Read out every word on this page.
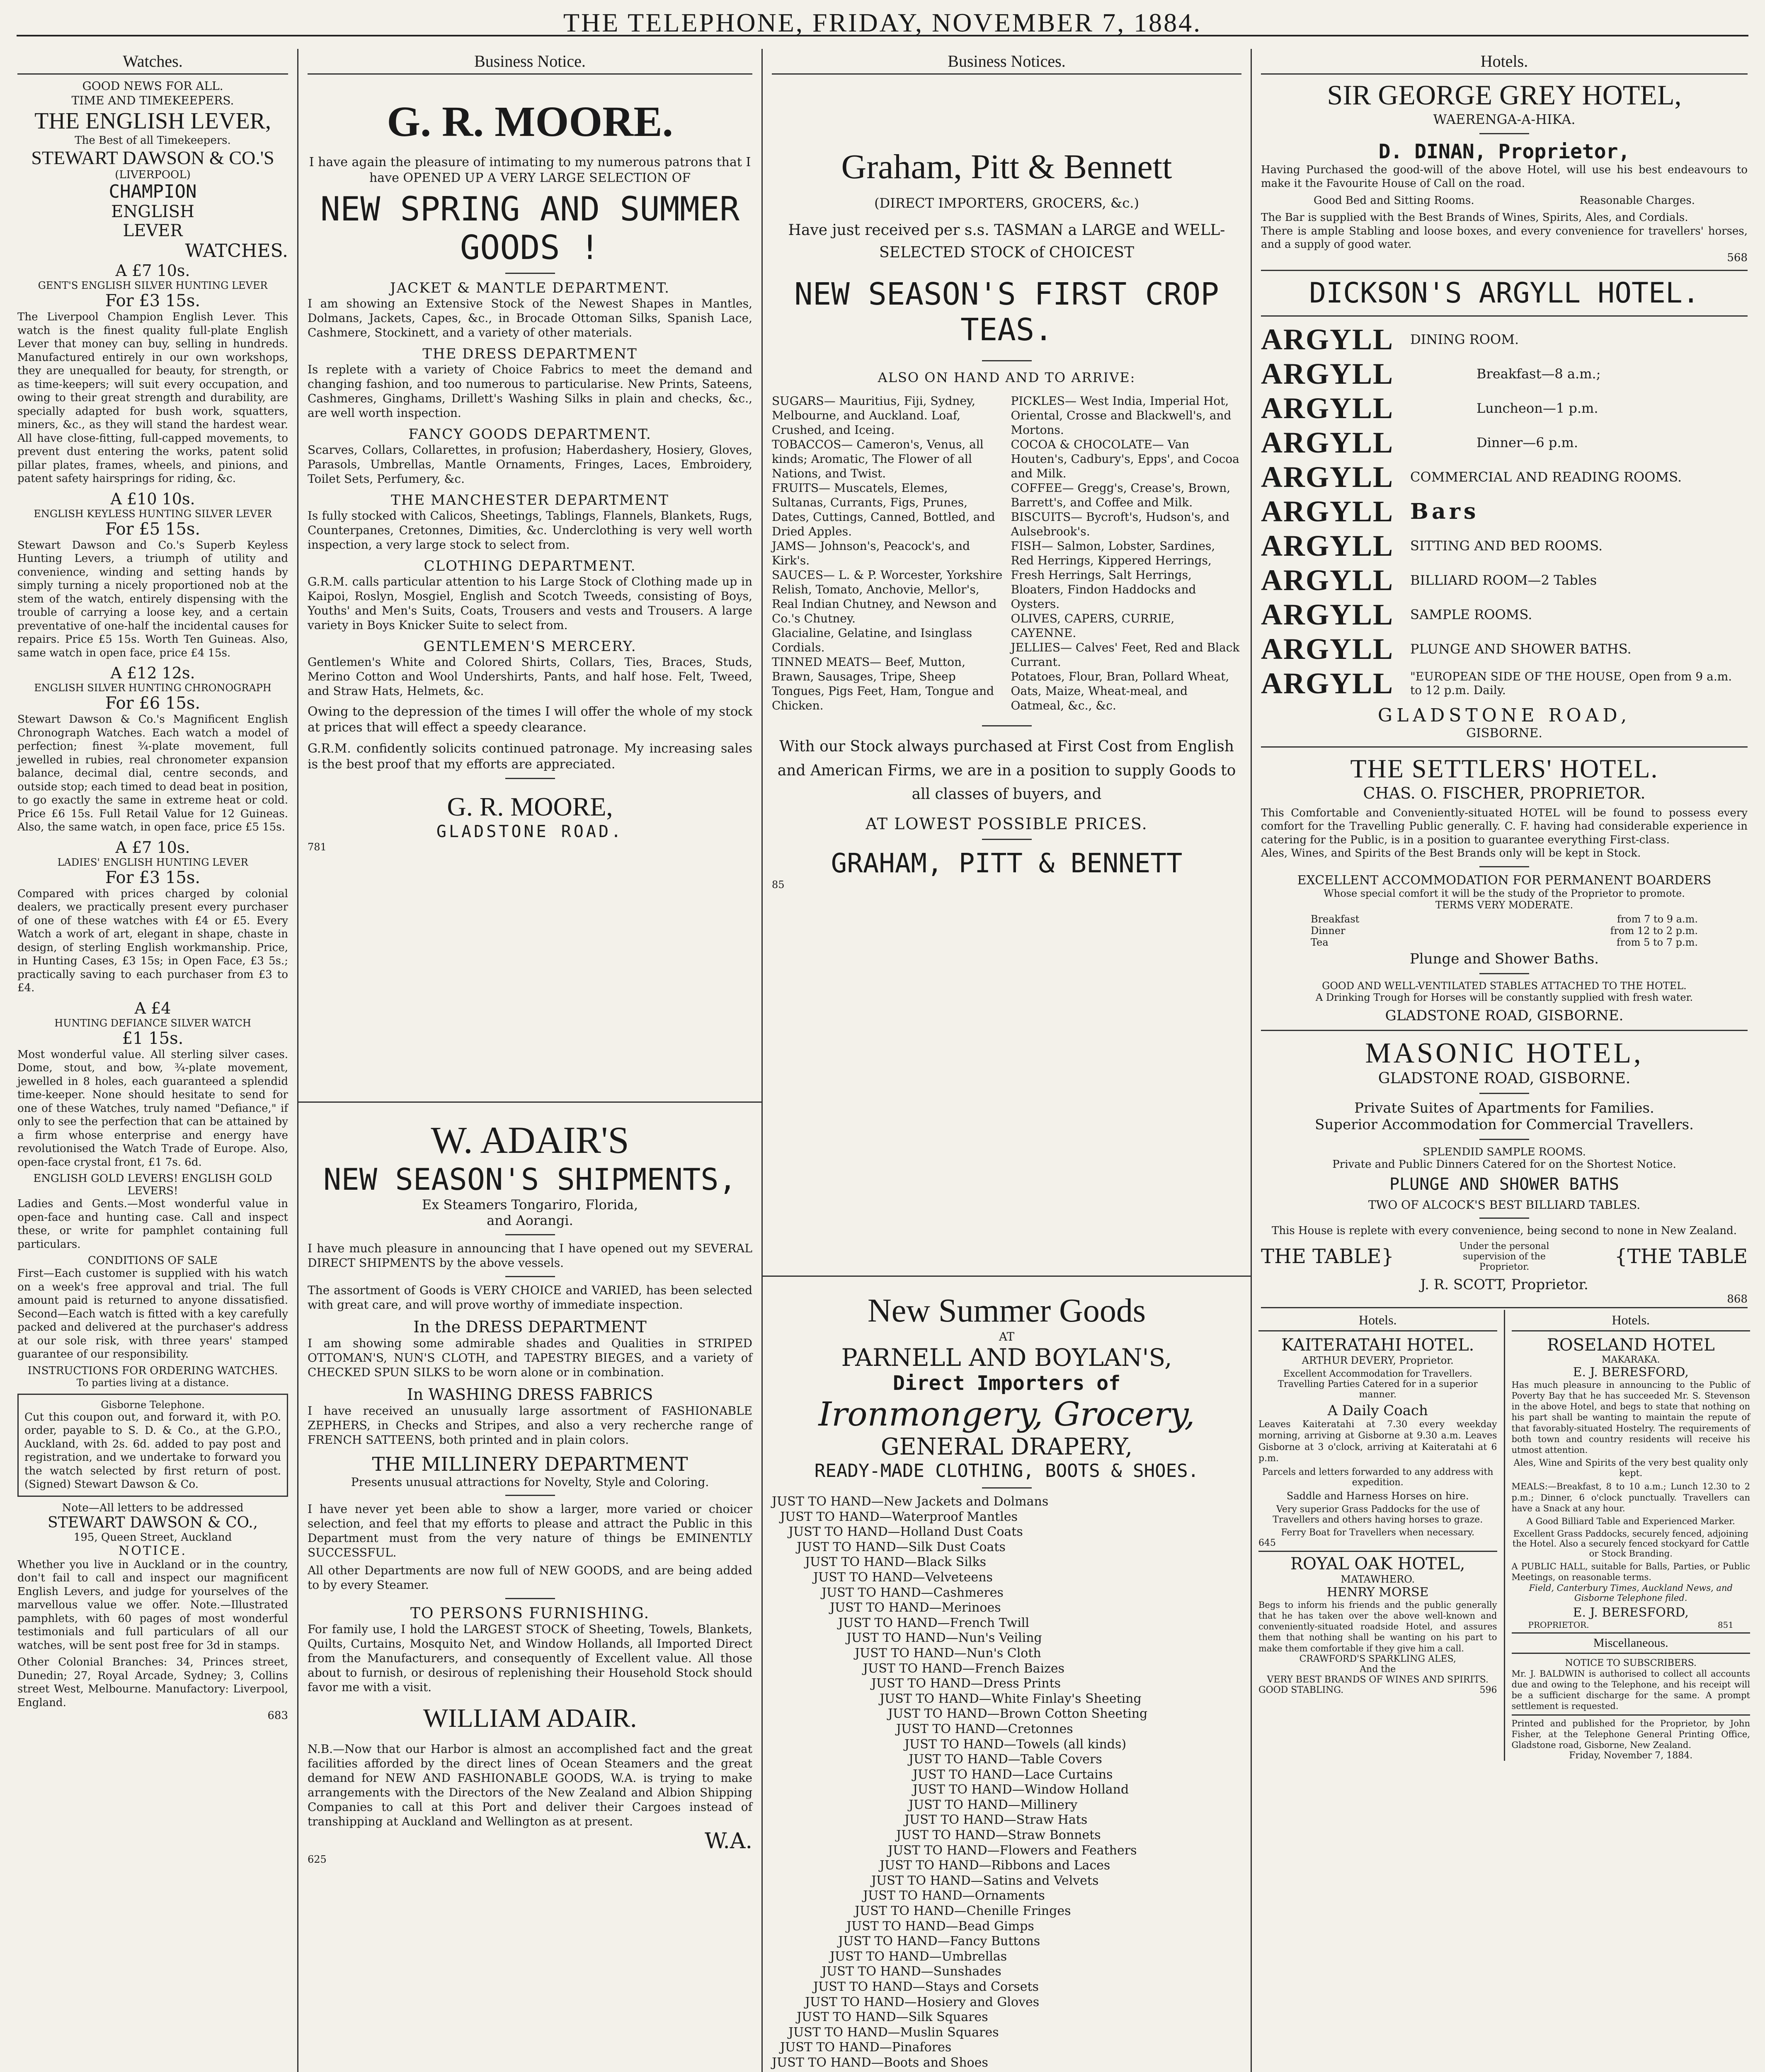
THE TELEPHONE, FRIDAY, NOVEMBER 7, 1884.
Watches.
GOOD NEWS FOR ALL.
TIME AND TIMEKEEPERS.
THE ENGLISH LEVER,
The Best of all Timekeepers.
STEWART DAWSON & CO.'S
(LIVERPOOL)
CHAMPION
ENGLISH
LEVER
WATCHES.
A £7 10s.
GENT'S ENGLISH SILVER HUNTING LEVER
For £3 15s.
The Liverpool Champion English Lever. This watch is the finest quality full-plate English Lever that money can buy, selling in hundreds. Manufactured entirely in our own workshops, they are unequalled for beauty, for strength, or as time-keepers; will suit every occupation, and owing to their great strength and durability, are specially adapted for bush work, squatters, miners, &c., as they will stand the hardest wear. All have close-fitting, full-capped movements, to prevent dust entering the works, patent solid pillar plates, frames, wheels, and pinions, and patent safety hairsprings for riding, &c.
A £10 10s.
ENGLISH KEYLESS HUNTING SILVER LEVER
For £5 15s.
Stewart Dawson and Co.'s Superb Keyless Hunting Levers, a triumph of utility and convenience, winding and setting hands by simply turning a nicely proportioned nob at the stem of the watch, entirely dispensing with the trouble of carrying a loose key, and a certain preventative of one-half the incidental causes for repairs. Price £5 15s. Worth Ten Guineas. Also, same watch in open face, price £4 15s.
A £12 12s.
ENGLISH SILVER HUNTING CHRONOGRAPH
For £6 15s.
Stewart Dawson & Co.'s Magnificent English Chronograph Watches. Each watch a model of perfection; finest ¾-plate movement, full jewelled in rubies, real chronometer expansion balance, decimal dial, centre seconds, and outside stop; each timed to dead beat in position, to go exactly the same in extreme heat or cold. Price £6 15s. Full Retail Value for 12 Guineas. Also, the same watch, in open face, price £5 15s.
A £7 10s.
LADIES' ENGLISH HUNTING LEVER
For £3 15s.
Compared with prices charged by colonial dealers, we practically present every purchaser of one of these watches with £4 or £5. Every Watch a work of art, elegant in shape, chaste in design, of sterling English workmanship. Price, in Hunting Cases, £3 15s; in Open Face, £3 5s.; practically saving to each purchaser from £3 to £4.
A £4
HUNTING DEFIANCE SILVER WATCH
£1 15s.
Most wonderful value. All sterling silver cases. Dome, stout, and bow, ¾-plate movement, jewelled in 8 holes, each guaranteed a splendid time-keeper. None should hesitate to send for one of these Watches, truly named "Defiance," if only to see the perfection that can be attained by a firm whose enterprise and energy have revolutionised the Watch Trade of Europe. Also, open-face crystal front, £1 7s. 6d.
ENGLISH GOLD LEVERS! ENGLISH GOLD LEVERS!
Ladies and Gents.—Most wonderful value in open-face and hunting case. Call and inspect these, or write for pamphlet containing full particulars.
CONDITIONS OF SALE
First—Each customer is supplied with his watch on a week's free approval and trial. The full amount paid is returned to anyone dissatisfied. Second—Each watch is fitted with a key carefully packed and delivered at the purchaser's address at our sole risk, with three years' stamped guarantee of our responsibility.
INSTRUCTIONS FOR ORDERING WATCHES.
To parties living at a distance.
Gisborne Telephone.
Cut this coupon out, and forward it, with P.O. order, payable to S. D. & Co., at the G.P.O., Auckland, with 2s. 6d. added to pay post and registration, and we undertake to forward you the watch selected by first return of post. (Signed) Stewart Dawson & Co.
Note—All letters to be addressed
STEWART DAWSON & CO.,
195, Queen Street, Auckland
NOTICE.
Whether you live in Auckland or in the country, don't fail to call and inspect our magnificent English Levers, and judge for yourselves of the marvellous value we offer. Note.—Illustrated pamphlets, with 60 pages of most wonderful testimonials and full particulars of all our watches, will be sent post free for 3d in stamps.
Other Colonial Branches: 34, Princes street, Dunedin; 27, Royal Arcade, Sydney; 3, Collins street West, Melbourne. Manufactory: Liverpool, England.
683
Business Notice.
G. R. MOORE.
I have again the pleasure of intimating to my numerous patrons that I have OPENED UP A VERY LARGE SELECTION OF
NEW SPRING AND SUMMER GOODS !
JACKET & MANTLE DEPARTMENT.
I am showing an Extensive Stock of the Newest Shapes in Mantles, Dolmans, Jackets, Capes, &c., in Brocade Ottoman Silks, Spanish Lace, Cashmere, Stockinett, and a variety of other materials.
THE DRESS DEPARTMENT
Is replete with a variety of Choice Fabrics to meet the demand and changing fashion, and too numerous to particularise. New Prints, Sateens, Cashmeres, Ginghams, Drillett's Washing Silks in plain and checks, &c., are well worth inspection.
FANCY GOODS DEPARTMENT.
Scarves, Collars, Collarettes, in profusion; Haberdashery, Hosiery, Gloves, Parasols, Umbrellas, Mantle Ornaments, Fringes, Laces, Embroidery, Toilet Sets, Perfumery, &c.
THE MANCHESTER DEPARTMENT
Is fully stocked with Calicos, Sheetings, Tablings, Flannels, Blankets, Rugs, Counterpanes, Cretonnes, Dimities, &c. Underclothing is very well worth inspection, a very large stock to select from.
CLOTHING DEPARTMENT.
G.R.M. calls particular attention to his Large Stock of Clothing made up in Kaipoi, Roslyn, Mosgiel, English and Scotch Tweeds, consisting of Boys, Youths' and Men's Suits, Coats, Trousers and vests and Trousers. A large variety in Boys Knicker Suite to select from.
GENTLEMEN'S MERCERY.
Gentlemen's White and Colored Shirts, Collars, Ties, Braces, Studs, Merino Cotton and Wool Undershirts, Pants, and half hose. Felt, Tweed, and Straw Hats, Helmets, &c.
Owing to the depression of the times I will offer the whole of my stock at prices that will effect a speedy clearance.
G.R.M. confidently solicits continued patronage. My increasing sales is the best proof that my efforts are appreciated.
G. R. MOORE,
GLADSTONE ROAD.
781
W. ADAIR'S
NEW SEASON'S SHIPMENTS,
Ex Steamers Tongariro, Florida,
and Aorangi.
I have much pleasure in announcing that I have opened out my SEVERAL DIRECT SHIPMENTS by the above vessels.
The assortment of Goods is VERY CHOICE and VARIED, has been selected with great care, and will prove worthy of immediate inspection.
In the DRESS DEPARTMENT
I am showing some admirable shades and Qualities in STRIPED OTTOMAN'S, NUN'S CLOTH, and TAPESTRY BIEGES, and a variety of CHECKED SPUN SILKS to be worn alone or in combination.
In WASHING DRESS FABRICS
I have received an unusually large assortment of FASHIONABLE ZEPHERS, in Checks and Stripes, and also a very recherche range of FRENCH SATTEENS, both printed and in plain colors.
THE MILLINERY DEPARTMENT
Presents unusual attractions for Novelty, Style and Coloring.
I have never yet been able to show a larger, more varied or choicer selection, and feel that my efforts to please and attract the Public in this Department must from the very nature of things be EMINENTLY SUCCESSFUL.
All other Departments are now full of NEW GOODS, and are being added to by every Steamer.
TO PERSONS FURNISHING.
For family use, I hold the LARGEST STOCK of Sheeting, Towels, Blankets, Quilts, Curtains, Mosquito Net, and Window Hollands, all Imported Direct from the Manufacturers, and consequently of Excellent value. All those about to furnish, or desirous of replenishing their Household Stock should favor me with a visit.
WILLIAM ADAIR.
N.B.—Now that our Harbor is almost an accomplished fact and the great facilities afforded by the direct lines of Ocean Steamers and the great demand for NEW AND FASHIONABLE GOODS, W.A. is trying to make arrangements with the Directors of the New Zealand and Albion Shipping Companies to call at this Port and deliver their Cargoes instead of transhipping at Auckland and Wellington as at present.
W.A.
625
Business Notices.
Graham, Pitt & Bennett
(DIRECT IMPORTERS, GROCERS, &c.)
Have just received per s.s. TASMAN a LARGE and WELL-SELECTED STOCK of CHOICEST
NEW SEASON'S FIRST CROP TEAS.
ALSO ON HAND AND TO ARRIVE:
SUGARS— Mauritius, Fiji, Sydney, Melbourne, and Auckland. Loaf, Crushed, and Iceing.
TOBACCOS— Cameron's, Venus, all kinds; Aromatic, The Flower of all Nations, and Twist.
FRUITS— Muscatels, Elemes, Sultanas, Currants, Figs, Prunes, Dates, Cuttings, Canned, Bottled, and Dried Apples.
JAMS— Johnson's, Peacock's, and Kirk's.
SAUCES— L. & P. Worcester, Yorkshire Relish, Tomato, Anchovie, Mellor's, Real Indian Chutney, and Newson and Co.'s Chutney.
Glacialine, Gelatine, and Isinglass Cordials.
TINNED MEATS— Beef, Mutton, Brawn, Sausages, Tripe, Sheep Tongues, Pigs Feet, Ham, Tongue and Chicken.
PICKLES— West India, Imperial Hot, Oriental, Crosse and Blackwell's, and Mortons.
COCOA & CHOCOLATE— Van Houten's, Cadbury's, Epps', and Cocoa and Milk.
COFFEE— Gregg's, Crease's, Brown, Barrett's, and Coffee and Milk.
BISCUITS— Bycroft's, Hudson's, and Aulsebrook's.
FISH— Salmon, Lobster, Sardines, Red Herrings, Kippered Herrings, Fresh Herrings, Salt Herrings, Bloaters, Findon Haddocks and Oysters.
OLIVES, CAPERS, CURRIE, CAYENNE.
JELLIES— Calves' Feet, Red and Black Currant.
Potatoes, Flour, Bran, Pollard Wheat, Oats, Maize, Wheat-meal, and Oatmeal, &c., &c.
With our Stock always purchased at First Cost from English and American Firms, we are in a position to supply Goods to all classes of buyers, and
AT LOWEST POSSIBLE PRICES.
GRAHAM, PITT & BENNETT
85
New Summer Goods
AT
PARNELL AND BOYLAN'S,
Direct Importers of
Ironmongery, Grocery,
GENERAL DRAPERY,
READY-MADE CLOTHING, BOOTS & SHOES.
JUST TO HAND—New Jackets and Dolmans
JUST TO HAND—Waterproof Mantles
JUST TO HAND—Holland Dust Coats
JUST TO HAND—Silk Dust Coats
JUST TO HAND—Black Silks
JUST TO HAND—Velveteens
JUST TO HAND—Cashmeres
JUST TO HAND—Merinoes
JUST TO HAND—French Twill
JUST TO HAND—Nun's Veiling
JUST TO HAND—Nun's Cloth
JUST TO HAND—French Baizes
JUST TO HAND—Dress Prints
JUST TO HAND—White Finlay's Sheeting
JUST TO HAND—Brown Cotton Sheeting
JUST TO HAND—Cretonnes
JUST TO HAND—Towels (all kinds)
JUST TO HAND—Table Covers
JUST TO HAND—Lace Curtains
JUST TO HAND—Window Holland
JUST TO HAND—Millinery
JUST TO HAND—Straw Hats
JUST TO HAND—Straw Bonnets
JUST TO HAND—Flowers and Feathers
JUST TO HAND—Ribbons and Laces
JUST TO HAND—Satins and Velvets
JUST TO HAND—Ornaments
JUST TO HAND—Chenille Fringes
JUST TO HAND—Bead Gimps
JUST TO HAND—Fancy Buttons
JUST TO HAND—Umbrellas
JUST TO HAND—Sunshades
JUST TO HAND—Stays and Corsets
JUST TO HAND—Hosiery and Gloves
JUST TO HAND—Silk Squares
JUST TO HAND—Muslin Squares
JUST TO HAND—Pinafores
JUST TO HAND—Boots and Shoes
Hotels.
SIR GEORGE GREY HOTEL,
WAERENGA-A-HIKA.
D. DINAN, Proprietor,
Having Purchased the good-will of the above Hotel, will use his best endeavours to make it the Favourite House of Call on the road.
Good Bed and Sitting Rooms.	Reasonable Charges.
The Bar is supplied with the Best Brands of Wines, Spirits, Ales, and Cordials.
There is ample Stabling and loose boxes, and every convenience for travellers' horses, and a supply of good water.
568
DICKSON'S ARGYLL HOTEL.
ARGYLL	DINING ROOM.
ARGYLL	Breakfast—8 a.m.;
ARGYLL	Luncheon—1 p.m.
ARGYLL	Dinner—6 p.m.
ARGYLL	COMMERCIAL AND READING ROOMS.
ARGYLL Bars
ARGYLL	SITTING AND BED ROOMS.
ARGYLL	BILLIARD ROOM—2 Tables
ARGYLL	SAMPLE ROOMS.
ARGYLL	PLUNGE AND SHOWER BATHS.
ARGYLL	"EUROPEAN SIDE OF THE HOUSE, Open from 9 a.m. to 12 p.m. Daily.
GLADSTONE ROAD,
GISBORNE.
THE SETTLERS' HOTEL.
CHAS. O. FISCHER, PROPRIETOR.
This Comfortable and Conveniently-situated HOTEL will be found to possess every comfort for the Travelling Public generally. C. F. having had considerable experience in catering for the Public, is in a position to guarantee everything First-class.
Ales, Wines, and Spirits of the Best Brands only will be kept in Stock.
EXCELLENT ACCOMMODATION FOR PERMANENT BOARDERS
Whose special comfort it will be the study of the Proprietor to promote.
TERMS VERY MODERATE.
Breakfast	from 7 to 9 a.m.
Dinner	from 12 to 2 p.m.
Tea	from 5 to 7 p.m.
Plunge and Shower Baths.
GOOD AND WELL-VENTILATED STABLES ATTACHED TO THE HOTEL.
A Drinking Trough for Horses will be constantly supplied with fresh water.
GLADSTONE ROAD, GISBORNE.
MASONIC HOTEL,
GLADSTONE ROAD, GISBORNE.
Private Suites of Apartments for Families.
Superior Accommodation for Commercial Travellers.
SPLENDID SAMPLE ROOMS.
Private and Public Dinners Catered for on the Shortest Notice.
PLUNGE AND SHOWER BATHS
TWO OF ALCOCK'S BEST BILLIARD TABLES.
This House is replete with every convenience, being second to none in New Zealand.
THE TABLE}	Under the personal supervision of the Proprietor.	{THE TABLE
J. R. SCOTT, Proprietor.
868
Hotels.
KAITERATAHI HOTEL.
ARTHUR DEVERY, Proprietor.
Excellent Accommodation for Travellers.
Travelling Parties Catered for in a superior manner.
A Daily Coach
Leaves Kaiteratahi at 7.30 every weekday morning, arriving at Gisborne at 9.30 a.m. Leaves Gisborne at 3 o'clock, arriving at Kaiteratahi at 6 p.m.
Parcels and letters forwarded to any address with expedition.
Saddle and Harness Horses on hire.
Very superior Grass Paddocks for the use of Travellers and others having horses to graze.
Ferry Boat for Travellers when necessary.
645
ROYAL OAK HOTEL,
MATAWHERO.
HENRY MORSE
Begs to inform his friends and the public generally that he has taken over the above well-known and conveniently-situated roadside Hotel, and assures them that nothing shall be wanting on his part to make them comfortable if they give him a call.
CRAWFORD'S SPARKLING ALES,
And the
VERY BEST BRANDS OF WINES AND SPIRITS.
GOOD STABLING.	596
Hotels.
ROSELAND HOTEL
MAKARAKA.
E. J. BERESFORD,
Has much pleasure in announcing to the Public of Poverty Bay that he has succeeded Mr. S. Stevenson in the above Hotel, and begs to state that nothing on his part shall be wanting to maintain the repute of that favorably-situated Hostelry. The requirements of both town and country residents will receive his utmost attention.
Ales, Wine and Spirits of the very best quality only kept.
MEALS:—Breakfast, 8 to 10 a.m.; Lunch 12.30 to 2 p.m.; Dinner, 6 o'clock punctually. Travellers can have a Snack at any hour.
A Good Billiard Table and Experienced Marker.
Excellent Grass Paddocks, securely fenced, adjoining the Hotel. Also a securely fenced stockyard for Cattle or Stock Branding.
A PUBLIC HALL, suitable for Balls, Parties, or Public Meetings, on reasonable terms.
Field, Canterbury Times, Auckland News, and Gisborne Telephone filed.
E. J. BERESFORD,
PROPRIETOR.	851
Miscellaneous.
NOTICE TO SUBSCRIBERS.
Mr. J. BALDWIN is authorised to collect all accounts due and owing to the Telephone, and his receipt will be a sufficient discharge for the same. A prompt settlement is requested.
Printed and published for the Proprietor, by John Fisher, at the Telephone General Printing Office, Gladstone road, Gisborne, New Zealand.
Friday, November 7, 1884.
